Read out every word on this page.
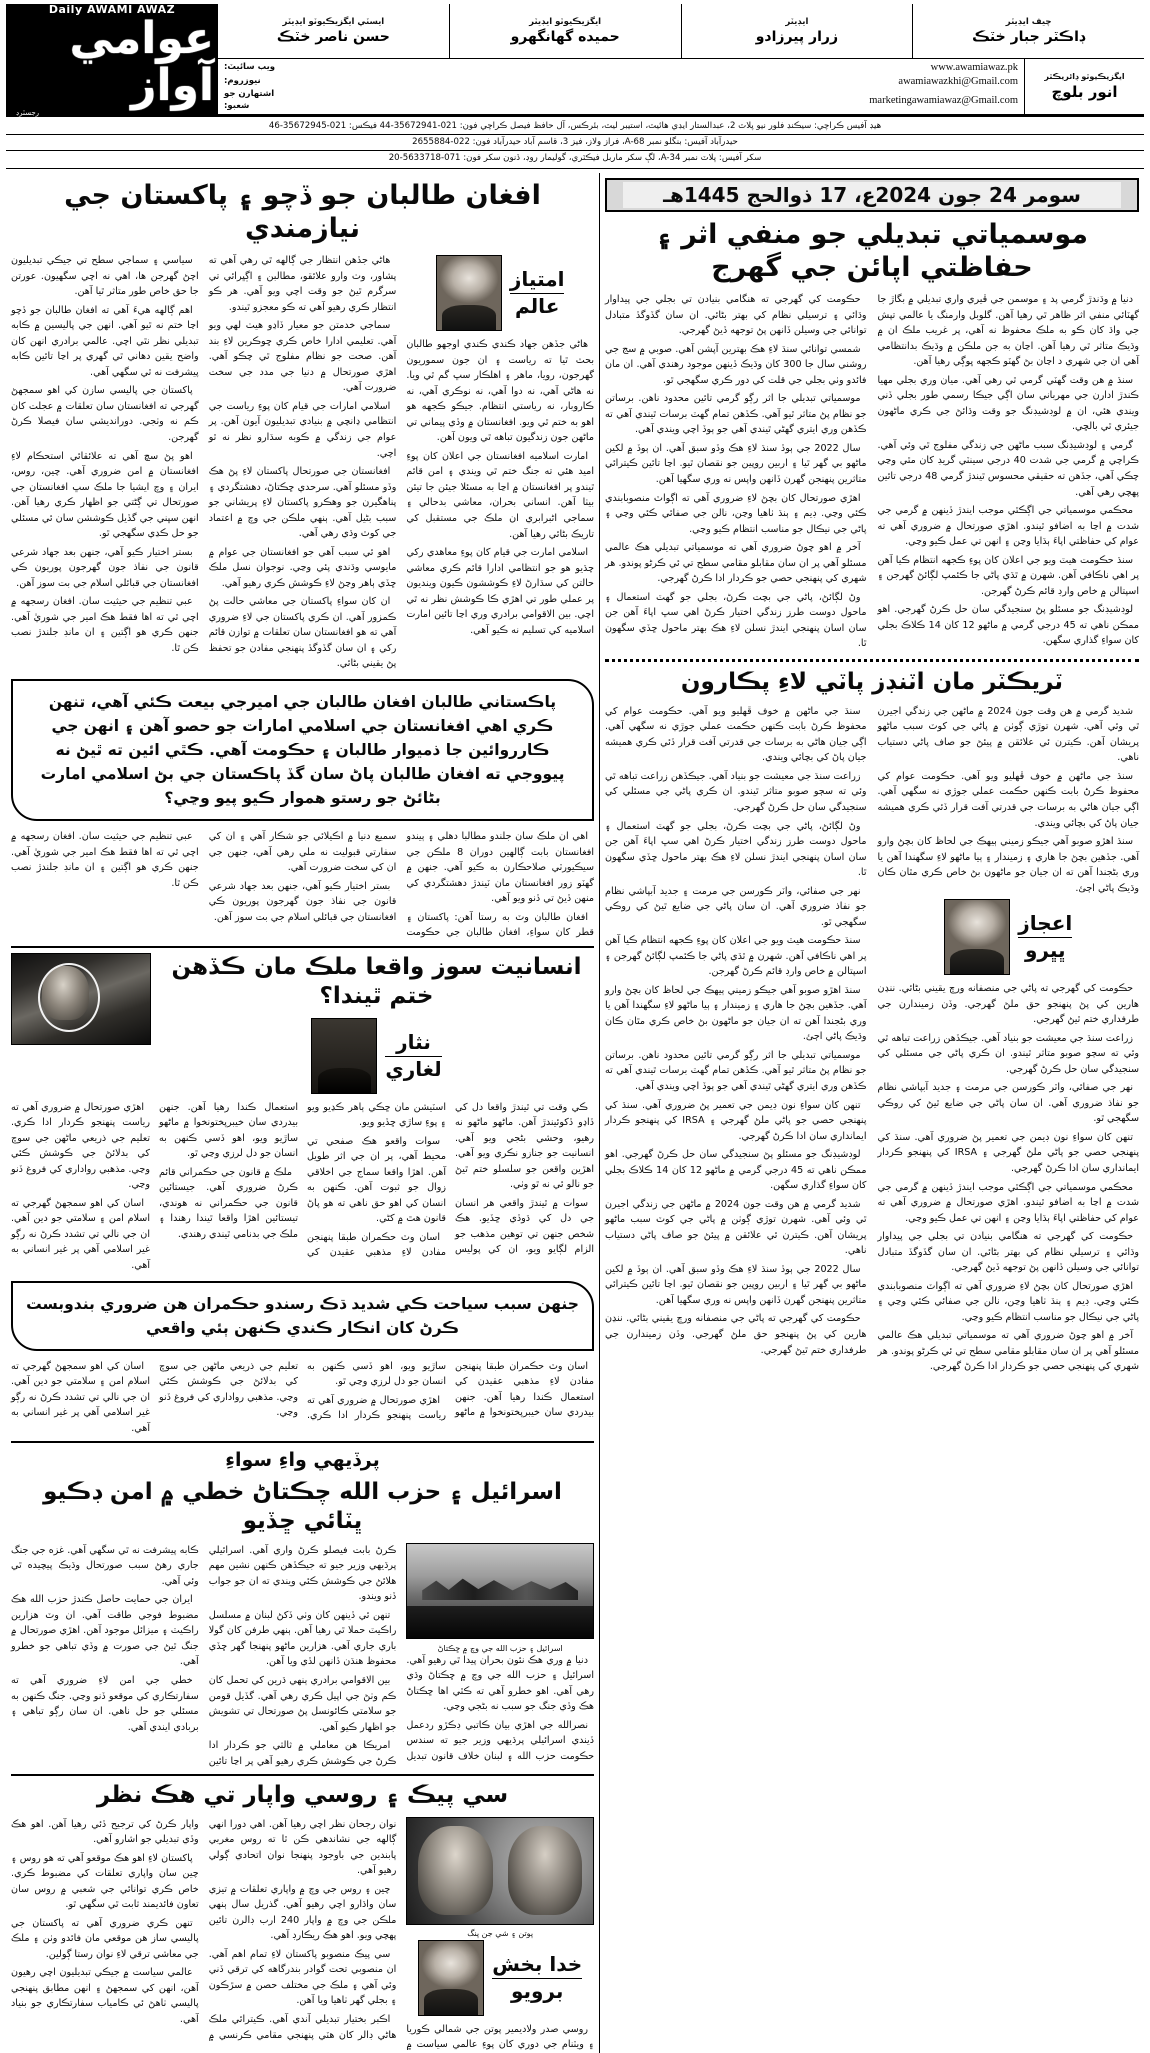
چيف ايڊيٽر
ڊاڪٽر جبار خٽڪ
ايڊيٽر
زرار پيرزادو
ايگزيڪيوٽو ايڊيٽر
حميده گهانگهرو
ايسٽي ايگزيڪيوٽو ايڊيٽر
حسن ناصر خٽڪ
ايگزيڪيوٽو ڊائريڪٽر
انور بلوچ
www.awamiawaz.pk
ويب سائيٽ:
awamiawazkhi@Gmail.com
نيوزروم:
marketingawamiawaz@Gmail.com
اشتهارن جو شعبو:
Daily AWAMI AWAZ
عوامي آواز
رجسٽرڊ
هيڊ آفيس ڪراچي: سيڪنڊ فلور نيو پلاٽ 2، عبدالستار ايڊي هائيٽ، استيبر ليٽ، بئرڪس، آل حافظ فيصل ڪراچي فون: 021-35672941-44 فيڪس: 021-35672945-46
حيدرآباد آفيس: بنگلو نمبر A-68، فراز ولاز، فيز 3، قاسم آباد حيدرآباد فون: 022-2655884
سکر آفيس: پلاٽ نمبر A-34، لڳ سکر ماربل فيڪٽري، گوليمار روڊ، ڏنون سکر فون: 071-5633718-20
سومر 24 جون 2024ع، 17 ذوالحج 1445هـ
موسمياتي تبديلي جو منفي اثر ۽ حفاظتي اپائن جي گهرج

دنيا ۾ وڌندڙ گرمي پد ۽ موسمن جي ڦيري واري تبديلي ۾ بگاڙ جا گهٽائي منفي اثر ظاهر ٿي رهيا آهن. گلوبل وارمنگ يا عالمي تپش جي واڌ کان ڪو به ملڪ محفوظ نه آهي، پر غريب ملڪ ان ۾ وڌيڪ متاثر ٿي رهيا آهن. اڃان به جن ملڪن ۾ وڌيڪ بدانتظامي آهي ان جي شهري د اڃان بڻ گهٽو ڪجهه ڀوڳي رهيا آهن.

سنڌ ۾ هن وقت گهٽي گرمي ٿي رهي آهي. ميان وري بجلي مهيا ڪندڙ ادارن جي مهرباني سان اڳي جيڪا رسمي طور بجلي ڏني ويندي هئي، ان ۾ لوڊشيڊنگ جو وقت وڌائڻ جي ڪري ماڻهون جيئري ٿي بالڇي.

گرمي ۽ لوڊشيڊنگ سبب ماڻهن جي زندگي مفلوج ٿي وئي آهي. ڪراچي ۾ گرمي جي شدت 40 درجي سينٽي گريڊ کان مٿي وڃي چڪي آهي، جڏهن ته حقيقي محسوس ٿيندڙ گرمي 48 درجي تائين پهچي رهي آهي.

محڪمي موسمياتي جي اڳڪٿي موجب ايندڙ ڏينهن ۾ گرمي جي شدت ۾ اڃا به اضافو ٿيندو. اهڙي صورتحال ۾ ضروري آهي ته عوام کي حفاظتي اپاءَ ٻڌايا وڃن ۽ انهن تي عمل ڪيو وڃي.

سنڌ حڪومت هيٽ ويو جي اعلان کان پوءِ ڪجهه انتظام ڪيا آهن پر اهي ناڪافي آهن. شهرن ۾ ٿڌي پاڻي جا ڪئمپ لڳائڻ گهرجن ۽ اسپتالن ۾ خاص وارڊ قائم ڪرڻ گهرجن.

لوڊشيڊنگ جو مسئلو پڻ سنجيدگي سان حل ڪرڻ گهرجي. اهو ممڪن ناهي ته 45 درجي گرمي ۾ ماڻهو 12 کان 14 ڪلاڪ بجلي کان سواءِ گذاري سگهن.

حڪومت کي گهرجي ته هنگامي بنيادن تي بجلي جي پيداوار وڌائي ۽ ترسيلي نظام کي بهتر بڻائي. ان سان گڏوگڏ متبادل توانائي جي وسيلن ڏانهن پڻ توجهه ڏيڻ گهرجي.

شمسي توانائي سنڌ لاءِ هڪ بهترين آپشن آهي. صوبي ۾ سج جي روشني سال جا 300 کان وڌيڪ ڏينهن موجود رهندي آهي. ان مان فائدو وٺي بجلي جي قلت کي دور ڪري سگهجي ٿو.

موسمياتي تبديلي جا اثر رڳو گرمي تائين محدود ناهن. برساتن جو نظام پڻ متاثر ٿيو آهي. ڪڏهن تمام گهٽ برسات ٿيندي آهي ته ڪڏهن وري ايتري گهڻي ٿيندي آهي جو ٻوڏ اچي ويندي آهي.

سال 2022 جي ٻوڏ سنڌ لاءِ هڪ وڏو سبق آهي. ان ٻوڏ ۾ لکين ماڻهو بي گهر ٿيا ۽ اربين روپين جو نقصان ٿيو. اڃا تائين ڪيترائي متاثرين پنهنجن گهرن ڏانهن واپس نه وري سگهيا آهن.

اهڙي صورتحال کان بچڻ لاءِ ضروري آهي ته اڳواٽ منصوبابندي ڪئي وڃي. ڊيم ۽ ٻنڌ ٺاهيا وڃن، نالن جي صفائي ڪئي وڃي ۽ پاڻي جي نيڪال جو مناسب انتظام ڪيو وڃي.

آخر ۾ اهو چوڻ ضروري آهي ته موسمياتي تبديلي هڪ عالمي مسئلو آهي پر ان سان مقابلو مقامي سطح تي ئي ڪرڻو پوندو. هر شهري کي پنهنجي حصي جو ڪردار ادا ڪرڻ گهرجي.

وڻ لڳائڻ، پاڻي جي بچت ڪرڻ، بجلي جو گهٽ استعمال ۽ ماحول دوست طرز زندگي اختيار ڪرڻ اهي سڀ اپاءَ آهن جن سان اسان پنهنجي ايندڙ نسلن لاءِ هڪ بهتر ماحول ڇڏي سگهون ٿا.

ٽريڪٽر مان اٽنڊز پاٽي لاءِ پڪارون

شديد گرمي ۾ هن وقت جون 2024 ۾ ماڻهن جي زندگي اجيرن ٿي وئي آهي. شهرن توڙي ڳوٺن ۾ پاڻي جي کوٽ سبب ماڻهو پريشان آهن. ڪيترن ئي علائقن ۾ پيئڻ جو صاف پاڻي دستياب ناهي.

سنڌ جي ماڻهن ۾ خوف ڦهليو ويو آهي. حڪومت عوام کي محفوظ ڪرڻ بابت ڪنهن حڪمت عملي جوڙي نه سگهي آهي. اڳي جيان هاڻي به برسات جي قدرتي آفت قرار ڏئي ڪري هميشه جيان پاڻ کي بچائي ويندي.

سنڌ اهڙو صوبو آهي جيڪو زميني ٻيهڪ جي لحاظ کان بچڻ وارو آهي. جڏهين بچڻ جا هاري ۽ زميندار ۽ ٻيا ماڻهو لاءِ سگهندا آهن يا وري بڻجندا آهن ته ان جيان جو ماڻهون بڻ خاص ڪري مٿان ڪان وڌيڪ پاڻي اڄئ.

اعجاز
ڀڀرو

حڪومت کي گهرجي ته پاڻي جي منصفانه ورڇ يقيني بڻائي. ننڍن هارين کي پڻ پنهنجو حق ملڻ گهرجي. وڏن زميندارن جي طرفداري ختم ٿيڻ گهرجي.

زراعت سنڌ جي معيشت جو بنياد آهي. جيڪڏهن زراعت تباهه ٿي وئي ته سڄو صوبو متاثر ٿيندو. ان ڪري پاڻي جي مسئلي کي سنجيدگي سان حل ڪرڻ گهرجي.

نهر جي صفائي، واٽر ڪورسن جي مرمت ۽ جديد آبپاشي نظام جو نفاذ ضروري آهي. ان سان پاڻي جي ضايع ٿيڻ کي روڪي سگهجي ٿو.

تنهن کان سواءِ نون ڊيمن جي تعمير پڻ ضروري آهي. سنڌ کي پنهنجي حصي جو پاڻي ملڻ گهرجي ۽ IRSA کي پنهنجو ڪردار ايمانداري سان ادا ڪرڻ گهرجي.

محڪمي موسمياتي جي اڳڪٿي موجب ايندڙ ڏينهن ۾ گرمي جي شدت ۾ اڃا به اضافو ٿيندو. اهڙي صورتحال ۾ ضروري آهي ته عوام کي حفاظتي اپاءَ ٻڌايا وڃن ۽ انهن تي عمل ڪيو وڃي.

حڪومت کي گهرجي ته هنگامي بنيادن تي بجلي جي پيداوار وڌائي ۽ ترسيلي نظام کي بهتر بڻائي. ان سان گڏوگڏ متبادل توانائي جي وسيلن ڏانهن پڻ توجهه ڏيڻ گهرجي.

اهڙي صورتحال کان بچڻ لاءِ ضروري آهي ته اڳواٽ منصوبابندي ڪئي وڃي. ڊيم ۽ ٻنڌ ٺاهيا وڃن، نالن جي صفائي ڪئي وڃي ۽ پاڻي جي نيڪال جو مناسب انتظام ڪيو وڃي.

آخر ۾ اهو چوڻ ضروري آهي ته موسمياتي تبديلي هڪ عالمي مسئلو آهي پر ان سان مقابلو مقامي سطح تي ئي ڪرڻو پوندو. هر شهري کي پنهنجي حصي جو ڪردار ادا ڪرڻ گهرجي.

سنڌ جي ماڻهن ۾ خوف ڦهليو ويو آهي. حڪومت عوام کي محفوظ ڪرڻ بابت ڪنهن حڪمت عملي جوڙي نه سگهي آهي. اڳي جيان هاڻي به برسات جي قدرتي آفت قرار ڏئي ڪري هميشه جيان پاڻ کي بچائي ويندي.

زراعت سنڌ جي معيشت جو بنياد آهي. جيڪڏهن زراعت تباهه ٿي وئي ته سڄو صوبو متاثر ٿيندو. ان ڪري پاڻي جي مسئلي کي سنجيدگي سان حل ڪرڻ گهرجي.

وڻ لڳائڻ، پاڻي جي بچت ڪرڻ، بجلي جو گهٽ استعمال ۽ ماحول دوست طرز زندگي اختيار ڪرڻ اهي سڀ اپاءَ آهن جن سان اسان پنهنجي ايندڙ نسلن لاءِ هڪ بهتر ماحول ڇڏي سگهون ٿا.

نهر جي صفائي، واٽر ڪورسن جي مرمت ۽ جديد آبپاشي نظام جو نفاذ ضروري آهي. ان سان پاڻي جي ضايع ٿيڻ کي روڪي سگهجي ٿو.

سنڌ حڪومت هيٽ ويو جي اعلان کان پوءِ ڪجهه انتظام ڪيا آهن پر اهي ناڪافي آهن. شهرن ۾ ٿڌي پاڻي جا ڪئمپ لڳائڻ گهرجن ۽ اسپتالن ۾ خاص وارڊ قائم ڪرڻ گهرجن.

سنڌ اهڙو صوبو آهي جيڪو زميني ٻيهڪ جي لحاظ کان بچڻ وارو آهي. جڏهين بچڻ جا هاري ۽ زميندار ۽ ٻيا ماڻهو لاءِ سگهندا آهن يا وري بڻجندا آهن ته ان جيان جو ماڻهون بڻ خاص ڪري مٿان ڪان وڌيڪ پاڻي اڄئ.

موسمياتي تبديلي جا اثر رڳو گرمي تائين محدود ناهن. برساتن جو نظام پڻ متاثر ٿيو آهي. ڪڏهن تمام گهٽ برسات ٿيندي آهي ته ڪڏهن وري ايتري گهڻي ٿيندي آهي جو ٻوڏ اچي ويندي آهي.

تنهن کان سواءِ نون ڊيمن جي تعمير پڻ ضروري آهي. سنڌ کي پنهنجي حصي جو پاڻي ملڻ گهرجي ۽ IRSA کي پنهنجو ڪردار ايمانداري سان ادا ڪرڻ گهرجي.

لوڊشيڊنگ جو مسئلو پڻ سنجيدگي سان حل ڪرڻ گهرجي. اهو ممڪن ناهي ته 45 درجي گرمي ۾ ماڻهو 12 کان 14 ڪلاڪ بجلي کان سواءِ گذاري سگهن.

شديد گرمي ۾ هن وقت جون 2024 ۾ ماڻهن جي زندگي اجيرن ٿي وئي آهي. شهرن توڙي ڳوٺن ۾ پاڻي جي کوٽ سبب ماڻهو پريشان آهن. ڪيترن ئي علائقن ۾ پيئڻ جو صاف پاڻي دستياب ناهي.

سال 2022 جي ٻوڏ سنڌ لاءِ هڪ وڏو سبق آهي. ان ٻوڏ ۾ لکين ماڻهو بي گهر ٿيا ۽ اربين روپين جو نقصان ٿيو. اڃا تائين ڪيترائي متاثرين پنهنجن گهرن ڏانهن واپس نه وري سگهيا آهن.

حڪومت کي گهرجي ته پاڻي جي منصفانه ورڇ يقيني بڻائي. ننڍن هارين کي پڻ پنهنجو حق ملڻ گهرجي. وڏن زميندارن جي طرفداري ختم ٿيڻ گهرجي.

افغان طالبان جو ڏچو ۽ پاکستان جي نيازمندي
امتياز
عالم

هاڻي جڏهن جهاد ڪندي ڪندي اوجهو طالبان بحث ٿيا ته رياست ۽ ان جون سموريون گهرجون، رويا، ماهر ۽ اهلڪار سڀ گم ٿي ويا. نه هاڻي آهي، نه دوا آهي، نه نوڪري آهي، نه ڪاروبار، نه رياستي انتظام. جيڪو ڪجهه هو اهو به ختم ٿي ويو. افغانستان ۾ وڏي پيماني تي ماڻهن جون زندگيون تباهه ٿي ويون آهن.

امارت اسلاميه افغانستان جي اعلان کان پوءِ اميد هئي ته جنگ ختم ٿي ويندي ۽ امن قائم ٿيندو پر افغانستان ۾ اڃا به مسئلا جيئن جا تيئن بيٺا آهن. انساني بحران، معاشي بدحالي ۽ سماجي اڻبرابري ان ملڪ جي مستقبل کي تاريڪ بڻائي رهيا آهن.

اسلامي امارت جي قيام کان پوءِ معاهدي رکي چڌيو هو جو انتظامي ادارا قائم ڪري معاشي حالتن کي سڌارڻ لاءِ ڪوششون ڪيون وينديون پر عملي طور تي اهڙي ڪا ڪوشش نظر نه ٿي اچي. بين الاقوامي برادري وري اڃا تائين امارت اسلاميه کي تسليم نه ڪيو آهي.

هاڻي جڏهن انتظار جي ڳالهه ٿي رهي آهي ته پشاور، وٺ وارو علائقو، مطالبن ۽ اڳڀرائي تي سرگرم ٿيڻ جو وقت اچي ويو آهي. هر ڪو انتظار ڪري رهيو آهي ته ڪو معجزو ٿيندو.

سماجي خدمتن جو معيار ڏاڍو هيٺ لهي ويو آهي. تعليمي ادارا خاص ڪري ڇوڪرين لاءِ بند آهن. صحت جو نظام مفلوج ٿي چڪو آهي. اهڙي صورتحال ۾ دنيا جي مدد جي سخت ضرورت آهي.

اسلامي امارات جي قيام کان پوءِ رياست جي انتظامي ڍانچي ۾ بنيادي تبديليون آيون آهن. پر عوام جي زندگي ۾ ڪوبه سڌارو نظر نه ٿو اچي.

افغانستان جي صورتحال پاکستان لاءِ پڻ هڪ وڏو مسئلو آهي. سرحدي ڇڪتاڻ، دهشتگردي ۽ پناهگيرن جو وهڪرو پاکستان لاءِ پريشاني جو سبب بڻيل آهي. ٻنهي ملڪن جي وچ ۾ اعتماد جي کوٽ وڌي رهي آهي.

اهو ئي سبب آهي جو افغانستان جي عوام ۾ مايوسي وڌندي پئي وڃي. نوجوان نسل ملڪ ڇڏي ٻاهر وڃڻ لاءِ ڪوشش ڪري رهيو آهي.

ان کان سواءِ پاکستان جي معاشي حالت پڻ ڪمزور آهي. ان ڪري پاکستان جي لاءِ ضروري آهي ته هو افغانستان سان تعلقات ۾ توازن قائم رکي ۽ ان سان گڏوگڏ پنهنجي مفادن جو تحفظ پڻ يقيني بڻائي.

سياسي ۽ سماجي سطح تي جيڪي تبديليون اچڻ گهرجن ها، اهي نه اچي سگهيون. عورتن جا حق خاص طور متاثر ٿيا آهن.

اهم ڳالهه هيءَ آهي ته افغان طالبان جو ڏچو اڃا ختم نه ٿيو آهي. انهن جي پاليسين ۾ ڪابه تبديلي نظر نٿي اچي. عالمي برادري انهن کان واضح يقين دهاني ٿي گهري پر اڃا تائين ڪابه پيشرفت نه ٿي سگهي آهي.

پاکستان جي پاليسي سازن کي اهو سمجهڻ گهرجي ته افغانستان سان تعلقات ۾ عجلت کان ڪم نه وٺجي. دورانديشي سان فيصلا ڪرڻ گهرجن.

اهو پڻ سچ آهي ته علائقائي استحڪام لاءِ افغانستان ۾ امن ضروري آهي. چين، روس، ايران ۽ وچ ايشيا جا ملڪ سڀ افغانستان جي صورتحال تي ڳڻتي جو اظهار ڪري رهيا آهن. انهن سڀني جي گڏيل ڪوششن سان ئي مسئلي جو حل ڪڍي سگهجي ٿو.

بستر اختيار ڪيو آهي، جنهن بعد جهاد شرعي قانون جي نفاذ جون گهرجون پوريون ڪي افغانستان جي قبائلي اسلام جي بت سوز آهن.

عبي تنظيم جي حيثيت سان. افغان رسجهه ۾ اچي ٿي ته اها فقط هڪ امير جي شوريٰ آهي. جنهن ڪري هو اڳتين ۽ ان مانڊ جلندڙ نصب ڪن ٿا.

پاڪستاني طالبان افغان طالبان جي اميرجي بيعت ڪئي آهي، تنهن ڪري اهي افغانستان جي اسلامي امارات جو حصو آهن ۽ انهن جي ڪارروائين جا ذميوار طالبان ۽ حڪومت آهي. ڪٿي ائين ته ٿيڻ نه پيووجي ته افغان طالبان پاڻ سان گڏ پاڪستان جي بڻ اسلامي امارت بڻائڻ جو رستو هموار ڪيو پيو وڃي؟

اهي ان ملڪ سان جلندو مطالبا دهلي ۽ ٻيندو افغانستان بابت ڳالهين دوران 8 ملڪن جي سيڪيورٽي صلاحڪارن به ڪيو آهي. جنهن ۾ گهٽو زور افغانستان مان ٽيندڙ دهشتگردي کي منهن ڏيڻ تي ڏنو ويو آهي.

افغان طالبان وٽ به رستا آهن: پاکستان ۽ قطر کان سواءِ، افغان طالبان جي حڪومت سميع دنيا ۾ اڪيلائي جو شڪار آهي ۽ ان کي سفارتي قبوليت نه ملي رهي آهي، جنهن جي ان کي سخت ضرورت آهي.

بستر اختيار ڪيو آهي، جنهن بعد جهاد شرعي قانون جي نفاذ جون گهرجون پوريون ڪي افغانستان جي قبائلي اسلام جي بت سوز آهن.

عبي تنظيم جي حيثيت سان. افغان رسجهه ۾ اچي ٿي ته اها فقط هڪ امير جي شوريٰ آهي. جنهن ڪري هو اڳتين ۽ ان مانڊ جلندڙ نصب ڪن ٿا.

انسانيت سوز واقعا ملڪ مان ڪڏهن ختم ٿيندا؟
نثار
لغاري

ڪي وقت تي ٿيندڙ واقعا دل کي ڏاڍو ڏکوئيندڙ آهن. ماڻهو ماڻهو نه رهيو، وحشي بڻجي ويو آهي. انسانيت جو جنازو نڪري ويو آهي. اهڙين واقعن جو سلسلو ختم ٿيڻ جو نالو ئي نه ٿو وٺي.

سوات ۾ ٿيندڙ واقعي هر انسان جي دل کي ڌوڏي ڇڏيو. هڪ شخص جنهن تي توهين مذهب جو الزام لڳايو ويو، ان کي پوليس اسٽيشن مان ڇڪي ٻاهر ڪڍيو ويو ۽ پوءِ ساڙي ڇڏيو ويو.

سوات واقعو هڪ صفحي تي محيط آهي، پر ان جي اثر طويل آهن. اهڙا واقعا سماج جي اخلاقي زوال جو ثبوت آهن. ڪنهن به انسان کي اهو حق ناهي ته هو پاڻ قانون هٿ ۾ کڻي.

اسان وٽ حڪمران طبقا پنهنجن مفادن لاءِ مذهبي عقيدن کي استعمال ڪندا رهيا آهن. جنهن بيدردي سان خيبرپختونخوا ۾ ماڻهو ساڙيو ويو، اهو ڏسي ڪنهن به انسان جو دل لرزي وڃي ٿو.

ملڪ ۾ قانون جي حڪمراني قائم ڪرڻ ضروري آهي. جيستائين قانون جي حڪمراني نه هوندي، تيستائين اهڙا واقعا ٿيندا رهندا ۽ ملڪ جي بدنامي ٿيندي رهندي.

اهڙي صورتحال ۾ ضروري آهي ته رياست پنهنجو ڪردار ادا ڪري. تعليم جي ذريعي ماڻهن جي سوچ کي بدلائڻ جي ڪوشش ڪئي وڃي. مذهبي رواداري کي فروغ ڏنو وڃي.

اسان کي اهو سمجهڻ گهرجي ته اسلام امن ۽ سلامتي جو دين آهي. ان جي نالي تي تشدد ڪرڻ نه رڳو غير اسلامي آهي پر غير انساني به آهي.

جنهن سبب سياحت ڪي شديد ڌڪ رسندو حڪمران هن ضروري بندوبست ڪرڻ کان انڪار ڪندي ڪنهن ٻئي واقعي

اسان وٽ حڪمران طبقا پنهنجن مفادن لاءِ مذهبي عقيدن کي استعمال ڪندا رهيا آهن. جنهن بيدردي سان خيبرپختونخوا ۾ ماڻهو ساڙيو ويو، اهو ڏسي ڪنهن به انسان جو دل لرزي وڃي ٿو.

اهڙي صورتحال ۾ ضروري آهي ته رياست پنهنجو ڪردار ادا ڪري. تعليم جي ذريعي ماڻهن جي سوچ کي بدلائڻ جي ڪوشش ڪئي وڃي. مذهبي رواداري کي فروغ ڏنو وڃي.

اسان کي اهو سمجهڻ گهرجي ته اسلام امن ۽ سلامتي جو دين آهي. ان جي نالي تي تشدد ڪرڻ نه رڳو غير اسلامي آهي پر غير انساني به آهي.

پرڏيهي واءِ سواءِ
اسرائيل ۽ حزب الله چڪتاڻ خطي ۾ امن ڊڪيو ڀٽائي ڇڏيو
اسرائيل ۽ حزب الله جي وچ ۾ ڇڪتاڻ

دنيا ۾ وري هڪ نئون بحران پيدا ٿي رهيو آهي. اسرائيل ۽ حزب الله جي وچ ۾ ڇڪتاڻ وڌي رهي آهي. اهو خطرو آهي ته ڪٿي اها ڇڪتاڻ هڪ وڏي جنگ جو سبب نه بڻجي وڃي.

نصرالله جي اهڙي بيان ڪاتبي ڊڪڙو ردعمل ڏيندي اسرائيلي پرڌيهي وزير جيو ته سندس حڪومت حزب الله ۽ لبنان خلاف قانون تبديل ڪرڻ بابت فيصلو ڪرڻ واري آهي. اسرائيلي پرڌيهي وزير جيو ته جيڪڏهن ڪنهن نشين مهم هلائڻ جي ڪوشش ڪئي ويندي ته ان جو جواب ڏنو ويندو.

تنهن ئي ڏينهن کان وٺي ڏکڻ لبنان ۾ مسلسل راڪيٽ حملا ٿي رهيا آهن. ٻنهي طرفن کان گولا باري جاري آهي. هزارين ماڻهو پنهنجا گهر ڇڏي محفوظ هنڌن ڏانهن لڏي ويا آهن.

بين الاقوامي برادري ٻنهي ڌرين کي تحمل کان ڪم وٺڻ جي اپيل ڪري رهي آهي. گڏيل قومن جو سلامتي ڪائونسل پڻ صورتحال تي تشويش جو اظهار ڪيو آهي.

امريڪا هن معاملي ۾ ثالثي جو ڪردار ادا ڪرڻ جي ڪوشش ڪري رهيو آهي پر اڃا تائين ڪابه پيشرفت نه ٿي سگهي آهي. غزه جي جنگ جاري رهڻ سبب صورتحال وڌيڪ پيچيده ٿي وئي آهي.

ايران جي حمايت حاصل ڪندڙ حزب الله هڪ مضبوط فوجي طاقت آهي. ان وٽ هزارين راڪيٽ ۽ ميزائل موجود آهن. اهڙي صورتحال ۾ جنگ ٿيڻ جي صورت ۾ وڏي تباهي جو خطرو آهي.

خطي جي امن لاءِ ضروري آهي ته سفارتڪاري کي موقعو ڏنو وڃي. جنگ ڪنهن به مسئلي جو حل ناهي. ان سان رڳو تباهي ۽ بربادي ايندي آهي.

سي پيڪ ۽ روسي واپار تي هڪ نظر
پوتن ۽ شي جن پنگ
خدا بخش
برويو

روسي صدر ولاديمير پوتن جي شمالي ڪوريا ۽ ويٽنام جي دوري کان پوءِ عالمي سياست ۾ نوان رجحان نظر اچي رهيا آهن. اهي دورا انهي ڳالهه جي نشاندهي ڪن ٿا ته روس مغربي پابندين جي باوجود پنهنجا نوان اتحادي ڳولي رهيو آهي.

چين ۽ روس جي وچ ۾ واپاري تعلقات ۾ تيزي سان واڌارو اچي رهيو آهي. گذريل سال ٻنهي ملڪن جي وچ ۾ واپار 240 ارب ڊالرن تائين پهچي ويو. اهو هڪ ريڪارڊ آهي.

سي پيڪ منصوبو پاکستان لاءِ تمام اهم آهي. ان منصوبي تحت گوادر بندرگاهه کي ترقي ڏني وئي آهي ۽ ملڪ جي مختلف حصن ۾ سڙڪون ۽ بجلي گهر ٺاهيا ويا آهن.

اڪبر بختيار تبديلي آندي آهي. ڪيترائي ملڪ هاڻي ڊالر کان هٽي پنهنجي مقامي ڪرنسي ۾ واپار ڪرڻ کي ترجيح ڏئي رهيا آهن. اهو هڪ وڏي تبديلي جو اشارو آهي.

پاکستان لاءِ اهو هڪ موقعو آهي ته هو روس ۽ چين سان واپاري تعلقات کي مضبوط ڪري. خاص ڪري توانائي جي شعبي ۾ روس سان تعاون فائديمند ثابت ٿي سگهي ٿو.

تنهن ڪري ضروري آهي ته پاکستان جي پاليسي ساز هن موقعي مان فائدو وٺن ۽ ملڪ جي معاشي ترقي لاءِ نوان رستا ڳولين.

عالمي سياست ۾ جيڪي تبديليون اچي رهيون آهن، انهن کي سمجهڻ ۽ انهن مطابق پنهنجي پاليسي ٺاهڻ ئي ڪامياب سفارتڪاري جو بنياد آهي.
